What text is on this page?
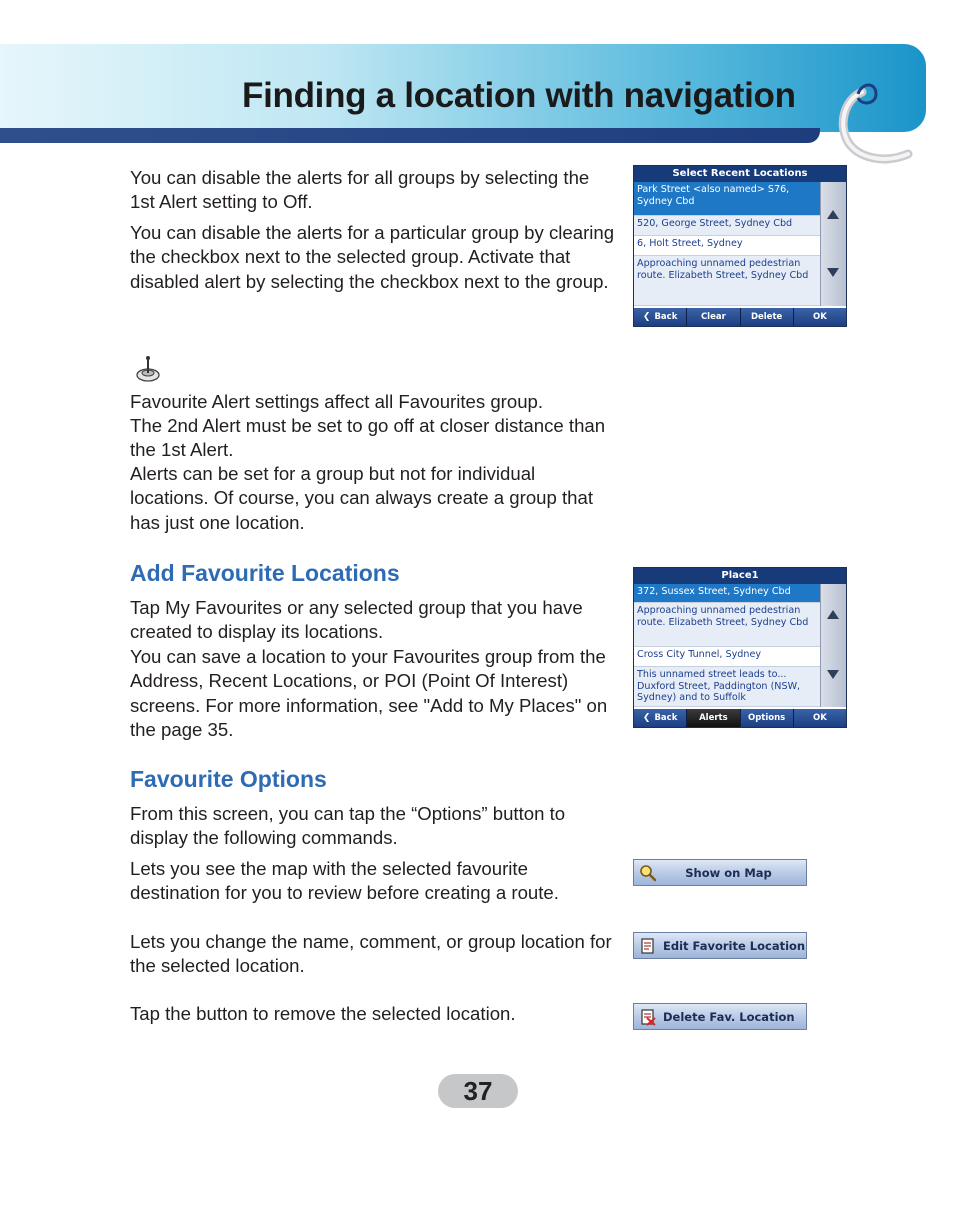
Finding a location with navigation

You can disable the alerts for all groups by selecting the 1st Alert setting to Off.

You can disable the alerts for a particular group by clearing the checkbox next to the selected group. Activate that disabled alert by selecting the checkbox next to the group.

Select Recent Locations
Park Street <also named> S76, Sydney Cbd
520, George Street, Sydney Cbd
6, Holt Street, Sydney
Approaching unnamed pedestrian route. Elizabeth Street, Sydney Cbd
❮ Back	Clear	Delete	OK

Favourite Alert settings affect all Favourites group.

The 2nd Alert must be set to go off at closer distance than the 1st Alert.

Alerts can be set for a group but not for individual locations. Of course, you can always create a group that has just one location.

Add Favourite Locations

Tap My Favourites or any selected group that you have created to display its locations.

You can save a location to your Favourites group from the Address, Recent Locations, or POI (Point Of Interest) screens. For more information, see "Add to My Places" on the page 35.

Place1
372, Sussex Street, Sydney Cbd
Approaching unnamed pedestrian route. Elizabeth Street, Sydney Cbd
Cross City Tunnel, Sydney
This unnamed street leads to... Duxford Street, Paddington (NSW, Sydney) and to Suffolk
❮ Back	Alerts	Options	OK
Favourite Options

From this screen, you can tap the “Options” button to display the following commands.

Lets you see the map with the selected favourite destination for you to review before creating a route.

Lets you change the name, comment, or group location for the selected location.

Tap the button to remove the selected location.

Show on Map
Edit Favorite Location
Delete Fav. Location
37
